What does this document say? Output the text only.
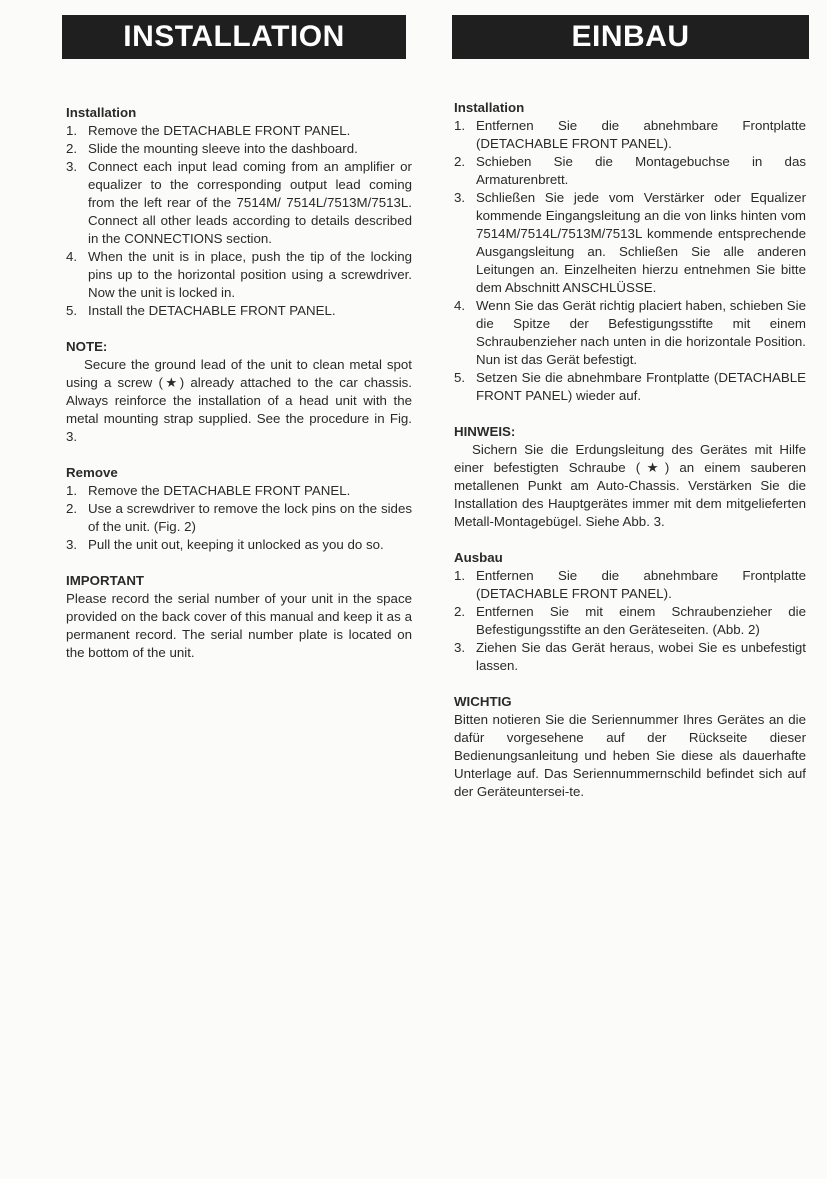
INSTALLATION	EINBAU

Installation

1. Remove the DETACHABLE FRONT PANEL.
2. Slide the mounting sleeve into the dashboard.
3. Connect each input lead coming from an amplifier or equalizer to the corresponding output lead coming from the left rear of the 7514M/ 7514L/7513M/7513L. Connect all other leads according to details described in the CONNECTIONS section.
4. When the unit is in place, push the tip of the locking pins up to the horizontal position using a screwdriver. Now the unit is locked in.
5. Install the DETACHABLE FRONT PANEL.

NOTE:

Secure the ground lead of the unit to clean metal spot using a screw (★) already attached to the car chassis. Always reinforce the installation of a head unit with the metal mounting strap supplied. See the procedure in Fig. 3.

Remove

1. Remove the DETACHABLE FRONT PANEL.
2. Use a screwdriver to remove the lock pins on the sides of the unit. (Fig. 2)
3. Pull the unit out, keeping it unlocked as you do so.

IMPORTANT

Please record the serial number of your unit in the space provided on the back cover of this manual and keep it as a permanent record. The serial number plate is located on the bottom of the unit.

Installation

1. Entfernen Sie die abnehmbare Frontplatte (DETACHABLE FRONT PANEL).
2. Schieben Sie die Montagebuchse in das Armaturenbrett.
3. Schließen Sie jede vom Verstärker oder Equalizer kommende Eingangsleitung an die von links hinten vom 7514M/7514L/7513M/7513L kommende entsprechende Ausgangsleitung an. Schließen Sie alle anderen Leitungen an. Einzelheiten hierzu entnehmen Sie bitte dem Abschnitt ANSCHLÜSSE.
4. Wenn Sie das Gerät richtig placiert haben, schieben Sie die Spitze der Befestigungsstifte mit einem Schraubenzieher nach unten in die horizontale Position. Nun ist das Gerät befestigt.
5. Setzen Sie die abnehmbare Frontplatte (DETACHABLE FRONT PANEL) wieder auf.

HINWEIS:

Sichern Sie die Erdungsleitung des Gerätes mit Hilfe einer befestigten Schraube (★) an einem sauberen metallenen Punkt am Auto-Chassis. Verstärken Sie die Installation des Hauptgerätes immer mit dem mitgelieferten Metall-Montagebügel. Siehe Abb. 3.

Ausbau

1. Entfernen Sie die abnehmbare Frontplatte (DETACHABLE FRONT PANEL).
2. Entfernen Sie mit einem Schraubenzieher die Befestigungsstifte an den Geräteseiten. (Abb. 2)
3. Ziehen Sie das Gerät heraus, wobei Sie es unbefestigt lassen.

WICHTIG

Bitten notieren Sie die Seriennummer Ihres Gerätes an die dafür vorgesehene auf der Rückseite dieser Bedienungsanleitung und heben Sie diese als dauerhafte Unterlage auf. Das Seriennummernschild befindet sich auf der Geräteuntersei-te.
